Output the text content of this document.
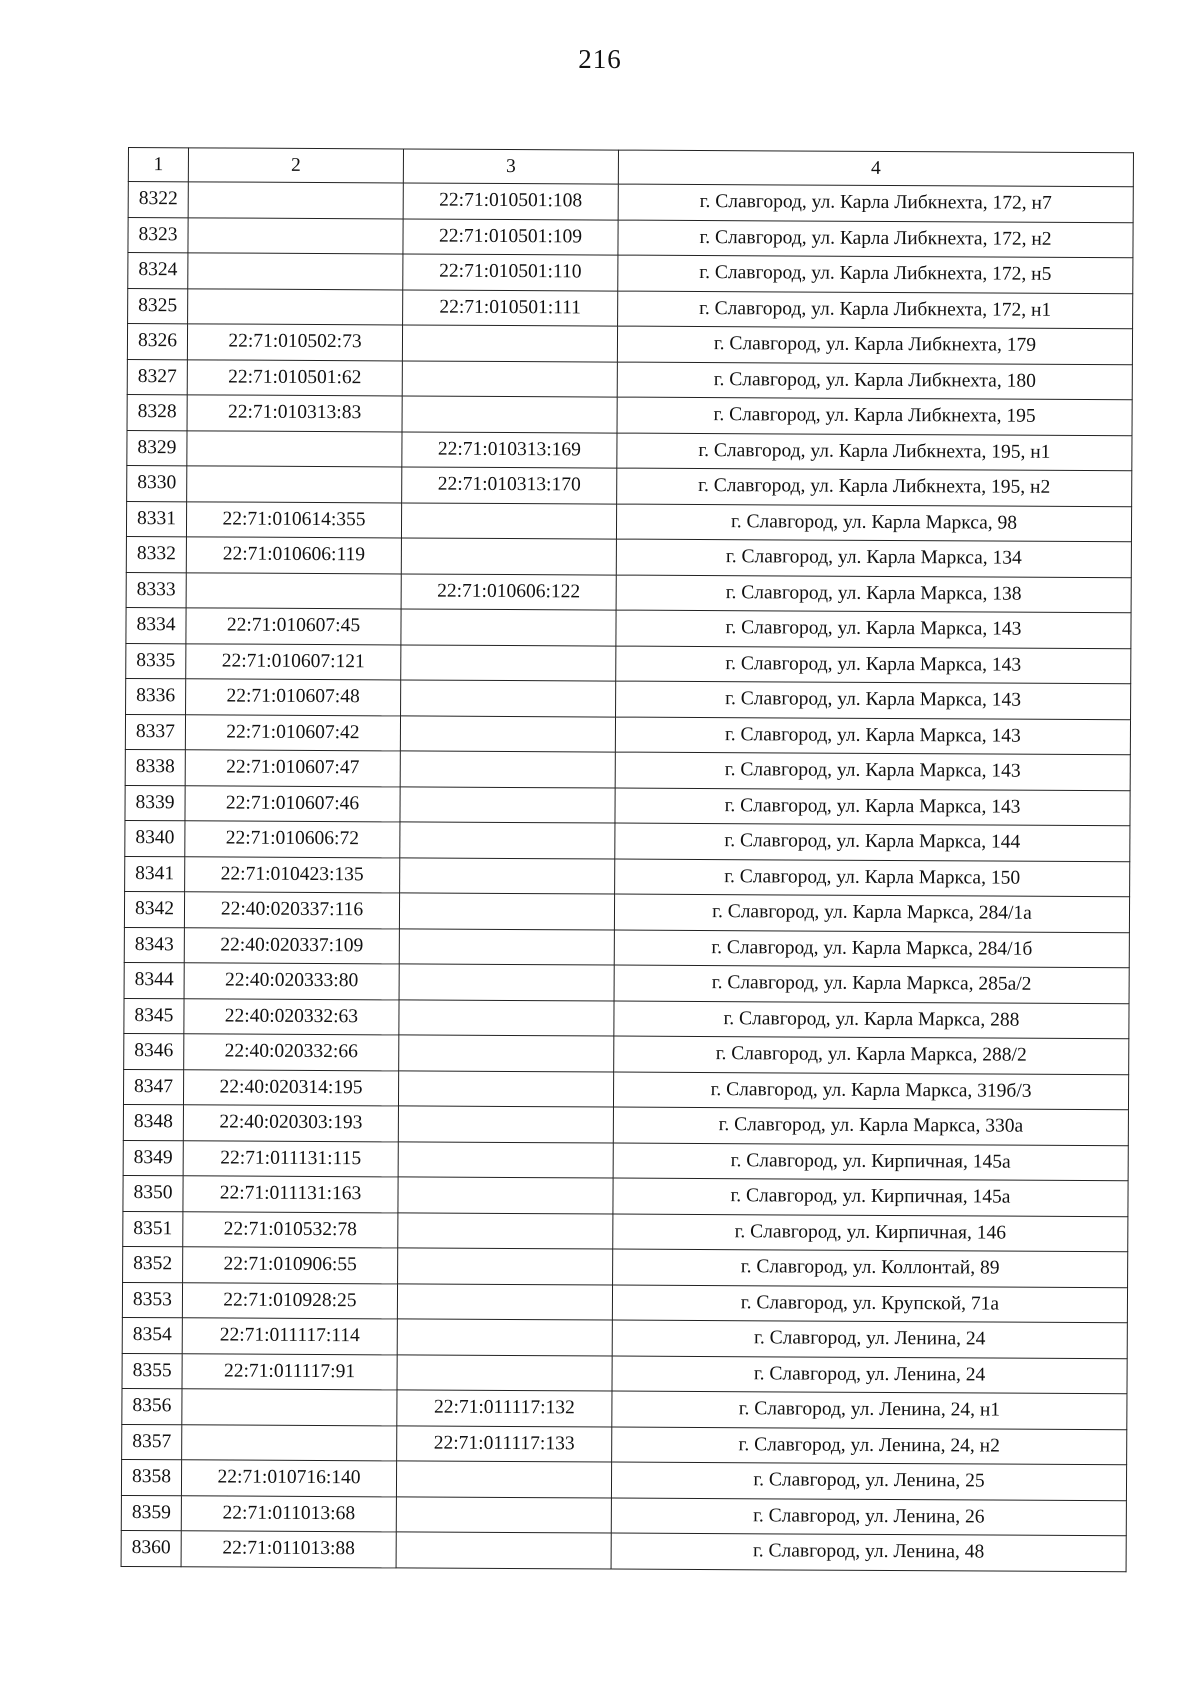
216
1	2	3	4
8322		22:71:010501:108	г. Славгород, ул. Карла Либкнехта, 172, н7
8323		22:71:010501:109	г. Славгород, ул. Карла Либкнехта, 172, н2
8324		22:71:010501:110	г. Славгород, ул. Карла Либкнехта, 172, н5
8325		22:71:010501:111	г. Славгород, ул. Карла Либкнехта, 172, н1
8326	22:71:010502:73		г. Славгород, ул. Карла Либкнехта, 179
8327	22:71:010501:62		г. Славгород, ул. Карла Либкнехта, 180
8328	22:71:010313:83		г. Славгород, ул. Карла Либкнехта, 195
8329		22:71:010313:169	г. Славгород, ул. Карла Либкнехта, 195, н1
8330		22:71:010313:170	г. Славгород, ул. Карла Либкнехта, 195, н2
8331	22:71:010614:355		г. Славгород, ул. Карла Маркса, 98
8332	22:71:010606:119		г. Славгород, ул. Карла Маркса, 134
8333		22:71:010606:122	г. Славгород, ул. Карла Маркса, 138
8334	22:71:010607:45		г. Славгород, ул. Карла Маркса, 143
8335	22:71:010607:121		г. Славгород, ул. Карла Маркса, 143
8336	22:71:010607:48		г. Славгород, ул. Карла Маркса, 143
8337	22:71:010607:42		г. Славгород, ул. Карла Маркса, 143
8338	22:71:010607:47		г. Славгород, ул. Карла Маркса, 143
8339	22:71:010607:46		г. Славгород, ул. Карла Маркса, 143
8340	22:71:010606:72		г. Славгород, ул. Карла Маркса, 144
8341	22:71:010423:135		г. Славгород, ул. Карла Маркса, 150
8342	22:40:020337:116		г. Славгород, ул. Карла Маркса, 284/1а
8343	22:40:020337:109		г. Славгород, ул. Карла Маркса, 284/1б
8344	22:40:020333:80		г. Славгород, ул. Карла Маркса, 285а/2
8345	22:40:020332:63		г. Славгород, ул. Карла Маркса, 288
8346	22:40:020332:66		г. Славгород, ул. Карла Маркса, 288/2
8347	22:40:020314:195		г. Славгород, ул. Карла Маркса, 319б/3
8348	22:40:020303:193		г. Славгород, ул. Карла Маркса, 330а
8349	22:71:011131:115		г. Славгород, ул. Кирпичная, 145а
8350	22:71:011131:163		г. Славгород, ул. Кирпичная, 145а
8351	22:71:010532:78		г. Славгород, ул. Кирпичная, 146
8352	22:71:010906:55		г. Славгород, ул. Коллонтай, 89
8353	22:71:010928:25		г. Славгород, ул. Крупской, 71а
8354	22:71:011117:114		г. Славгород, ул. Ленина, 24
8355	22:71:011117:91		г. Славгород, ул. Ленина, 24
8356		22:71:011117:132	г. Славгород, ул. Ленина, 24, н1
8357		22:71:011117:133	г. Славгород, ул. Ленина, 24, н2
8358	22:71:010716:140		г. Славгород, ул. Ленина, 25
8359	22:71:011013:68		г. Славгород, ул. Ленина, 26
8360	22:71:011013:88		г. Славгород, ул. Ленина, 48
